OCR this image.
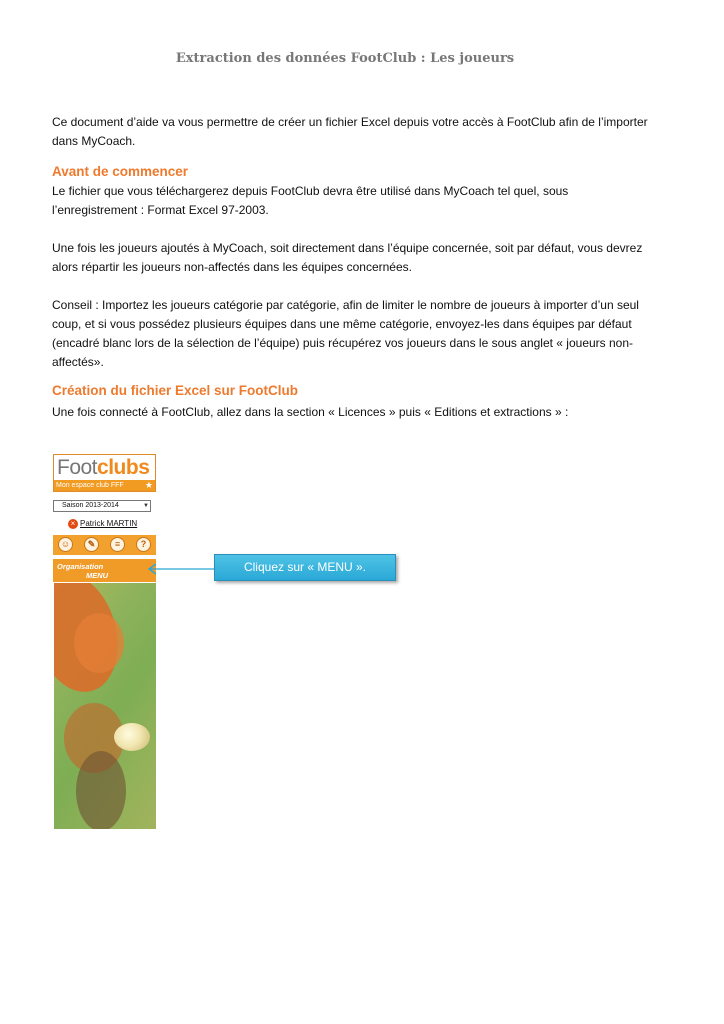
Extraction des données FootClub : Les joueurs

Ce document d’aide va vous permettre de créer un fichier Excel depuis votre accès à FootClub afin de l’importer dans MyCoach.

Avant de commencer

Le fichier que vous téléchargerez depuis FootClub devra être utilisé dans MyCoach tel quel, sous l’enregistrement : Format Excel 97-2003.

Une fois les joueurs ajoutés à MyCoach, soit directement dans l’équipe concernée, soit par défaut, vous devrez alors répartir les joueurs non-affectés dans les équipes concernées.

Conseil : Importez les joueurs catégorie par catégorie, afin de limiter le nombre de joueurs à importer d’un seul coup, et si vous possédez plusieurs équipes dans une même catégorie, envoyez-les dans équipes par défaut (encadré blanc lors de la sélection de l’équipe) puis récupérez vos joueurs dans le sous anglet « joueurs non-affectés».

Création du fichier Excel sur FootClub

Une fois connecté à FootClub, allez dans la section « Licences » puis « Editions et extractions » :

Footclubs
Mon espace club FFF ★
Saison 2013-2014	▼
× Patrick MARTIN
☺	✎	≡	?
Organisation
MENU
Cliquez sur « MENU ».
